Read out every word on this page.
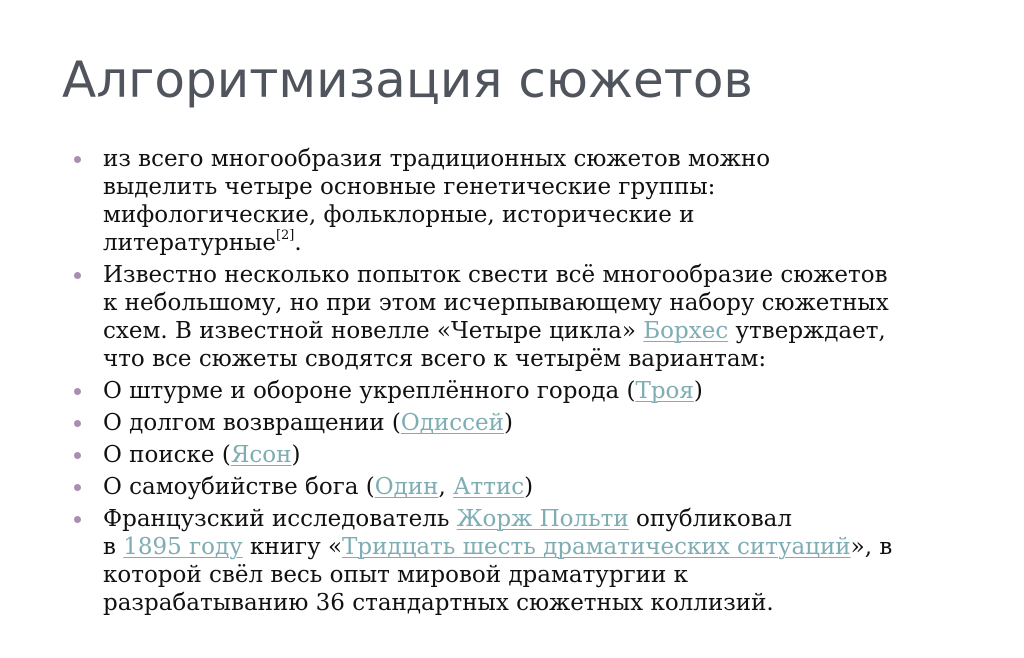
Алгоритмизация сюжетов
из всего многообразия традиционных сюжетов можно
выделить четыре основные генетические группы:
мифологические, фольклорные, исторические и
литературные[2].
Известно несколько попыток свести всё многообразие сюжетов
к небольшому, но при этом исчерпывающему набору сюжетных
схем. В известной новелле «Четыре цикла» Борхес утверждает,
что все сюжеты сводятся всего к четырём вариантам:
О штурме и обороне укреплённого города (Троя)
О долгом возвращении (Одиссей)
О поиске (Ясон)
О самоубийстве бога (Один, Аттис)
Французский исследователь Жорж Польти опубликовал
в 1895 году книгу «Тридцать шесть драматических ситуаций», в
которой свёл весь опыт мировой драматургии к
разрабатыванию 36 стандартных сюжетных коллизий.
